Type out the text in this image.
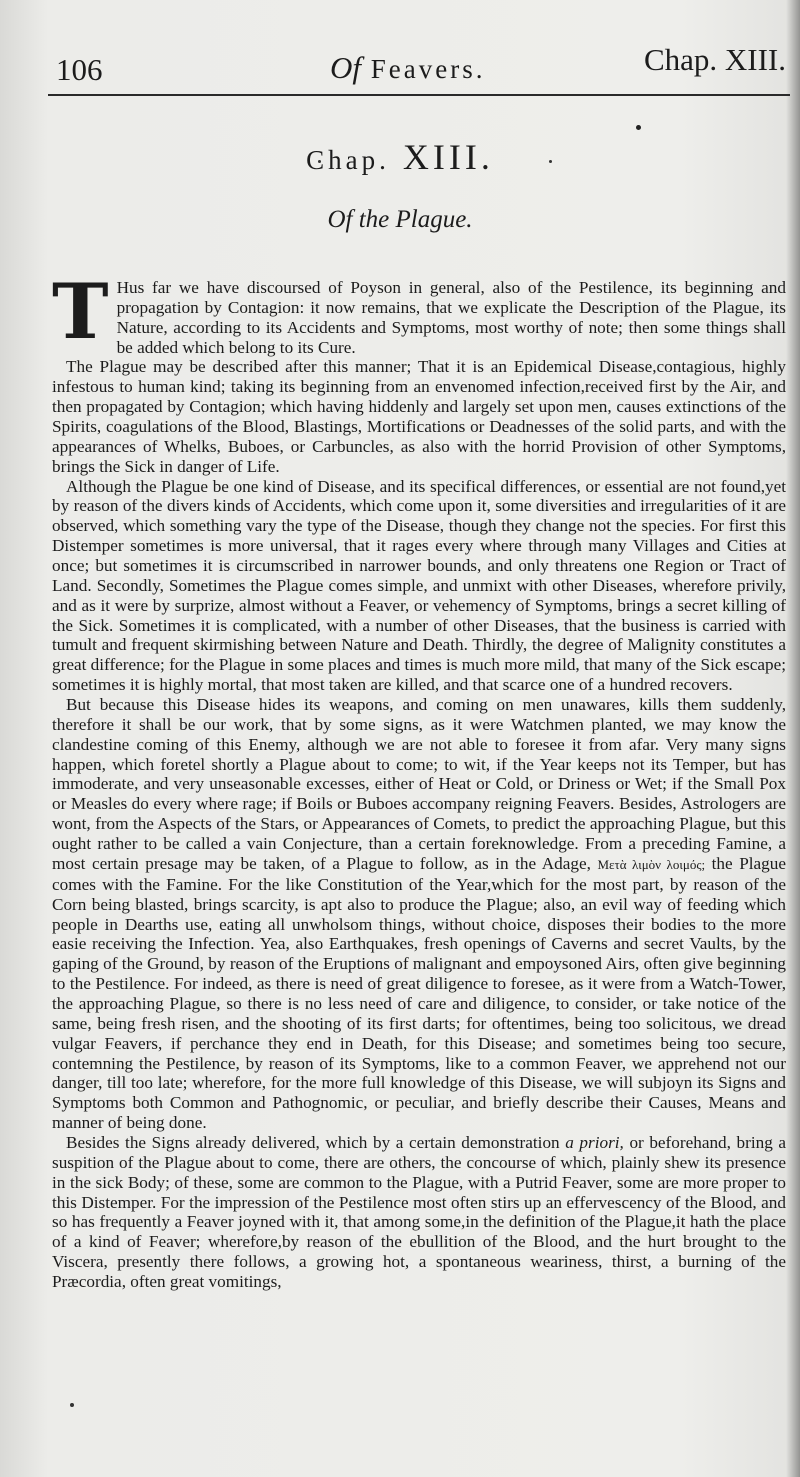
106	Of Feavers.	Chap. XIII.
Chap. XIII.
Of the Plague.

T Hus far we have discoursed of Poyson in general, also of the Pestilence, its beginning and propagation by Contagion: it now remains, that we explicate the Description of the Plague, its Nature, according to its Accidents and Symptoms, most worthy of note; then some things shall be added which belong to its Cure.

The Plague may be described after this manner; That it is an Epidemical Disease,contagious, highly infestous to human kind; taking its beginning from an envenomed infection,received first by the Air, and then propagated by Contagion; which having hiddenly and largely set upon men, causes extinctions of the Spirits, coagulations of the Blood, Blastings, Mortifications or Deadnesses of the solid parts, and with the appearances of Whelks, Buboes, or Carbuncles, as also with the horrid Provision of other Symptoms, brings the Sick in danger of Life.

Although the Plague be one kind of Disease, and its specifical differences, or essential are not found,yet by reason of the divers kinds of Accidents, which come upon it, some diversities and irregularities of it are observed, which something vary the type of the Disease, though they change not the species. For first this Distemper sometimes is more universal, that it rages every where through many Villages and Cities at once; but sometimes it is circumscribed in narrower bounds, and only threatens one Region or Tract of Land. Secondly, Sometimes the Plague comes simple, and unmixt with other Diseases, wherefore privily, and as it were by surprize, almost without a Feaver, or vehemency of Symptoms, brings a secret killing of the Sick. Sometimes it is complicated, with a number of other Diseases, that the business is carried with tumult and frequent skirmishing between Nature and Death. Thirdly, the degree of Malignity constitutes a great difference; for the Plague in some places and times is much more mild, that many of the Sick escape; sometimes it is highly mortal, that most taken are killed, and that scarce one of a hundred recovers.

But because this Disease hides its weapons, and coming on men unawares, kills them suddenly, therefore it shall be our work, that by some signs, as it were Watchmen planted, we may know the clandestine coming of this Enemy, although we are not able to foresee it from afar. Very many signs happen, which foretel shortly a Plague about to come; to wit, if the Year keeps not its Temper, but has immoderate, and very unseasonable excesses, either of Heat or Cold, or Driness or Wet; if the Small Pox or Measles do every where rage; if Boils or Buboes accompany reigning Feavers. Besides, Astrologers are wont, from the Aspects of the Stars, or Appearances of Comets, to predict the approaching Plague, but this ought rather to be called a vain Conjecture, than a certain foreknowledge. From a preceding Famine, a most certain presage may be taken, of a Plague to follow, as in the Adage, Μετὰ λιμὸν λοιμός; the Plague comes with the Famine. For the like Constitution of the Year,which for the most part, by reason of the Corn being blasted, brings scarcity, is apt also to produce the Plague; also, an evil way of feeding which people in Dearths use, eating all unwholsom things, without choice, disposes their bodies to the more easie receiving the Infection. Yea, also Earthquakes, fresh openings of Caverns and secret Vaults, by the gaping of the Ground, by reason of the Eruptions of malignant and empoysoned Airs, often give beginning to the Pestilence. For indeed, as there is need of great diligence to foresee, as it were from a Watch-Tower, the approaching Plague, so there is no less need of care and diligence, to consider, or take notice of the same, being fresh risen, and the shooting of its first darts; for oftentimes, being too solicitous, we dread vulgar Feavers, if perchance they end in Death, for this Disease; and sometimes being too secure, contemning the Pestilence, by reason of its Symptoms, like to a common Feaver, we apprehend not our danger, till too late; wherefore, for the more full knowledge of this Disease, we will subjoyn its Signs and Symptoms both Common and Pathognomic, or peculiar, and briefly describe their Causes, Means and manner of being done.

Besides the Signs already delivered, which by a certain demonstration a priori, or beforehand, bring a suspition of the Plague about to come, there are others, the concourse of which, plainly shew its presence in the sick Body; of these, some are common to the Plague, with a Putrid Feaver, some are more proper to this Distemper. For the impression of the Pestilence most often stirs up an effervescency of the Blood, and so has frequently a Feaver joyned with it, that among some,in the definition of the Plague,it hath the place of a kind of Feaver; wherefore,by reason of the ebullition of the Blood, and the hurt brought to the Viscera, presently there follows, a growing hot, a spontaneous weariness, thirst, a burning of the Præcordia, often great vomitings,
